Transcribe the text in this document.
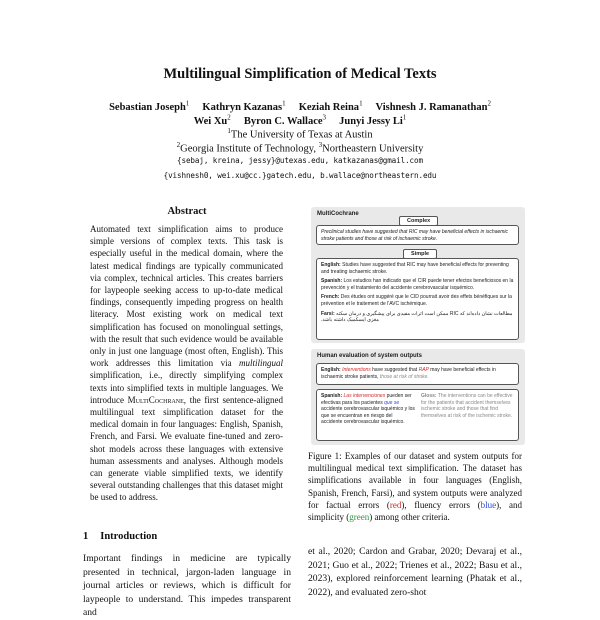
Multilingual Simplification of Medical Texts
Sebastian Joseph$^1$ Kathryn Kazanas$^1$ Keziah Reina$^1$ Vishnesh J. Ramanathan$^2$
Wei Xu$^2$ Byron C. Wallace$^3$ Junyi Jessy Li$^1$
$^1$The University of Texas at Austin
$^2$Georgia Institute of Technology, $^3$Northeastern University
{sebaj, kreina, jessy}@utexas.edu, katkazanas@gmail.com
{vishnesh0, wei.xu@cc.}gatech.edu, b.wallace@northeastern.edu
Abstract

Automated text simplification aims to produce simple versions of complex texts. This task is especially useful in the medical domain, where the latest medical findings are typically communicated via complex, technical articles. This creates barriers for laypeople seeking access to up-to-date medical findings, consequently impeding progress on health literacy. Most existing work on medical text simplification has focused on monolingual settings, with the result that such evidence would be available only in just one language (most often, English). This work addresses this limitation via multilingual simplification, i.e., directly simplifying complex texts into simplified texts in multiple languages. We introduce MultiCochrane, the first sentence-aligned multilingual text simplification dataset for the medical domain in four languages: English, Spanish, French, and Farsi. We evaluate fine-tuned and zero-shot models across these languages with extensive human assessments and analyses. Although models can generate viable simplified texts, we identify several outstanding challenges that this dataset might be used to address.

1 Introduction

Important findings in medicine are typically presented in technical, jargon-laden language in journal articles or reviews, which is difficult for laypeople to understand. This impedes transparent and

MultiCochrane
Complex
Preclinical studies have suggested that RIC may have beneficial effects in ischaemic stroke patients and those at risk of ischaemic stroke.
Simple
English: Studies have suggested that RIC may have beneficial effects for preventing and treating ischaemic stroke.
Spanish: Los estudios han indicado que el CIR puede tener efectos beneficiosos en la prevención y el tratamiento del accidente cerebrovascular isquémico.
French: Des études ont suggéré que le CID pourrait avoir des effets bénéfiques sur la prévention et le traitement de l'AVC ischémique.
Farsi: مطالعات نشان داده‌اند که RIC ممکن است اثرات مفیدی برای پیشگیری و درمان سکته مغزی ایسکمیک داشته باشد.
Human evaluation of system outputs
English: Interventions have suggested that RAP may have beneficial effects in ischaemic stroke patients, those at risk of stroke.
Spanish: Las intervenciones pueden ser efectivas para los pacientes que se accidente cerebrovascular isquémico y los que se encuentran en riesgo del accidente cerebrovascular isquémico.
Gloss: The interventions can be effective for the patients that accident themselves ischemic stroke and those that find themselves at risk of the ischemic stroke.

Figure 1: Examples of our dataset and system outputs for multilingual medical text simplification. The dataset has simplifications available in four languages (English, Spanish, French, Farsi), and system outputs were analyzed for factual errors (red), fluency errors (blue), and simplicity (green) among other criteria.

et al., 2020; Cardon and Grabar, 2020; Devaraj et al., 2021; Guo et al., 2022; Trienes et al., 2022; Basu et al., 2023), explored reinforcement learning (Phatak et al., 2022), and evaluated zero-shot
